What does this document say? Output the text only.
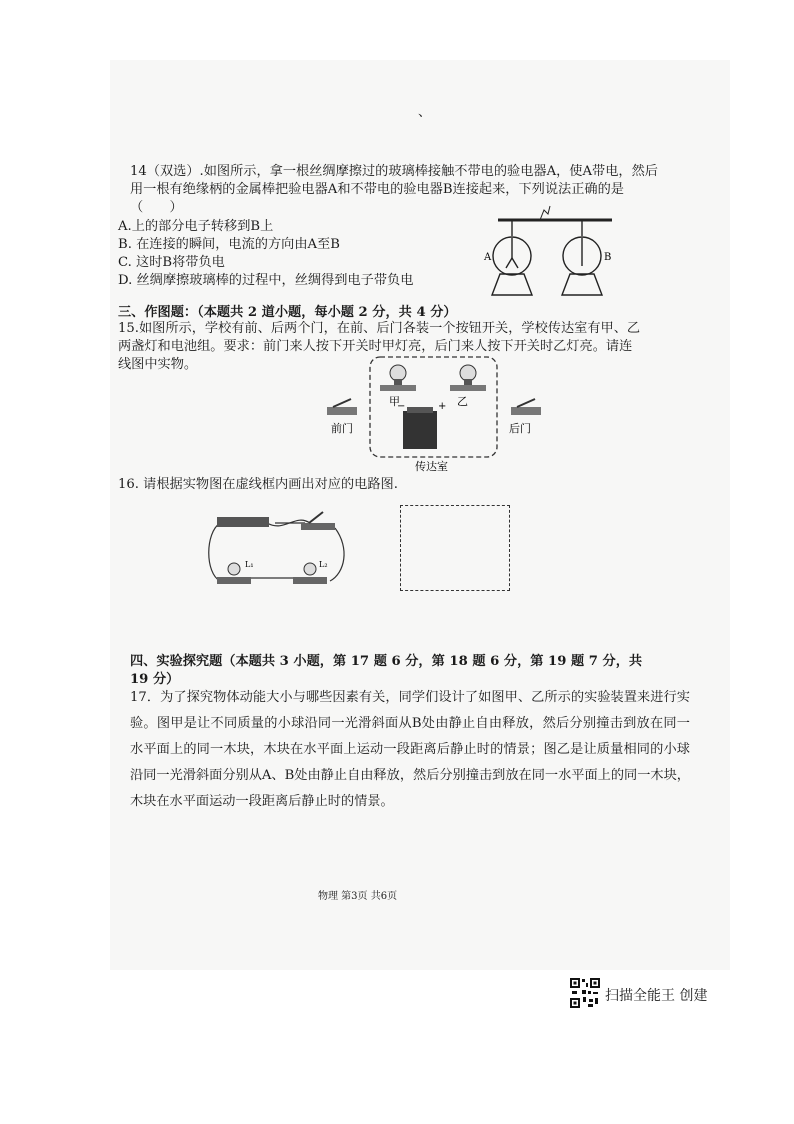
、
14（双选）.如图所示，拿一根丝绸摩擦过的玻璃棒接触不带电的验电器A，使A带电，然后
用一根有绝缘柄的金属棒把验电器A和不带电的验电器B连接起来，下列说法正确的是
（　　）
A.上的部分电子转移到B上
B. 在连接的瞬间，电流的方向由A至B
C. 这时B将带负电
D. 丝绸摩擦玻璃棒的过程中，丝绸得到电子带负电
A	B
三、作图题：（本题共 2 道小题，每小题 2 分，共 4 分）
15.如图所示，学校有前、后两个门，在前、后门各装一个按钮开关，学校传达室有甲、乙
两盏灯和电池组。要求：前门来人按下开关时甲灯亮，后门来人按下开关时乙灯亮。请连
线图中实物。
−	+
甲	乙
前门	后门
传达室
16. 请根据实物图在虚线框内画出对应的电路图.
L₁	L₂
四、实验探究题（本题共 3 小题，第 17 题 6 分，第 18 题 6 分，第 19 题 7 分，共
19 分）
17．为了探究物体动能大小与哪些因素有关，同学们设计了如图甲、乙所示的实验装置来进行实验。图甲是让不同质量的小球沿同一光滑斜面从B处由静止自由释放，然后分别撞击到放在同一水平面上的同一木块，木块在水平面上运动一段距离后静止时的情景；图乙是让质量相同的小球沿同一光滑斜面分别从A、B处由静止自由释放，然后分别撞击到放在同一水平面上的同一木块，木块在水平面运动一段距离后静止时的情景。
物理 第3页 共6页
扫描全能王 创建
